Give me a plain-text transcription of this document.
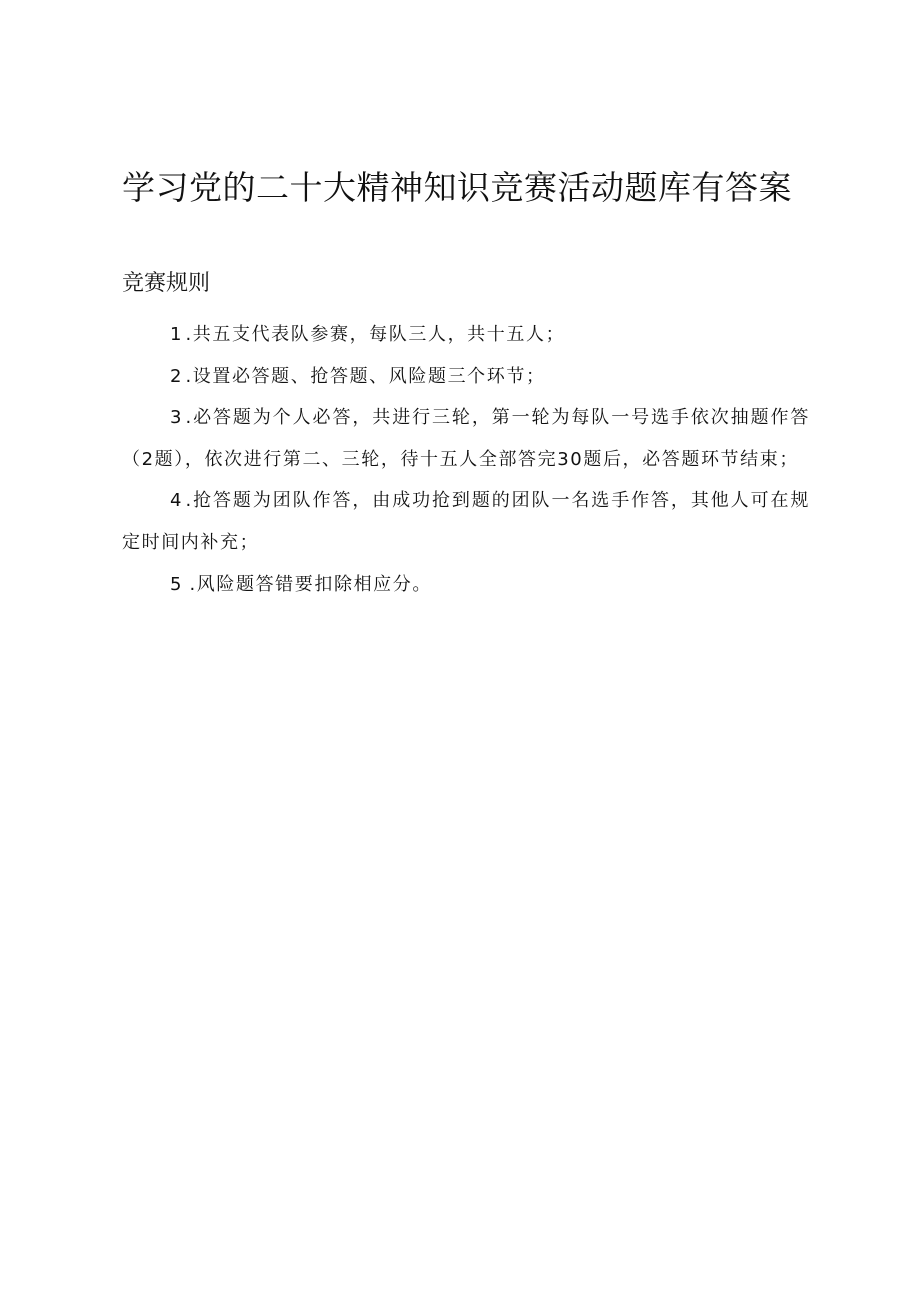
学习党的二十大精神知识竞赛活动题库有答案
竞赛规则

1 .共五支代表队参赛，每队三人，共十五人；

2 .设置必答题、抢答题、风险题三个环节；

3 .必答题为个人必答，共进行三轮，第一轮为每队一号选手依次抽题作答（2题），依次进行第二、三轮，待十五人全部答完30题后，必答题环节结束；

4 .抢答题为团队作答，由成功抢到题的团队一名选手作答，其他人可在规定时间内补充；

5 .风险题答错要扣除相应分。
